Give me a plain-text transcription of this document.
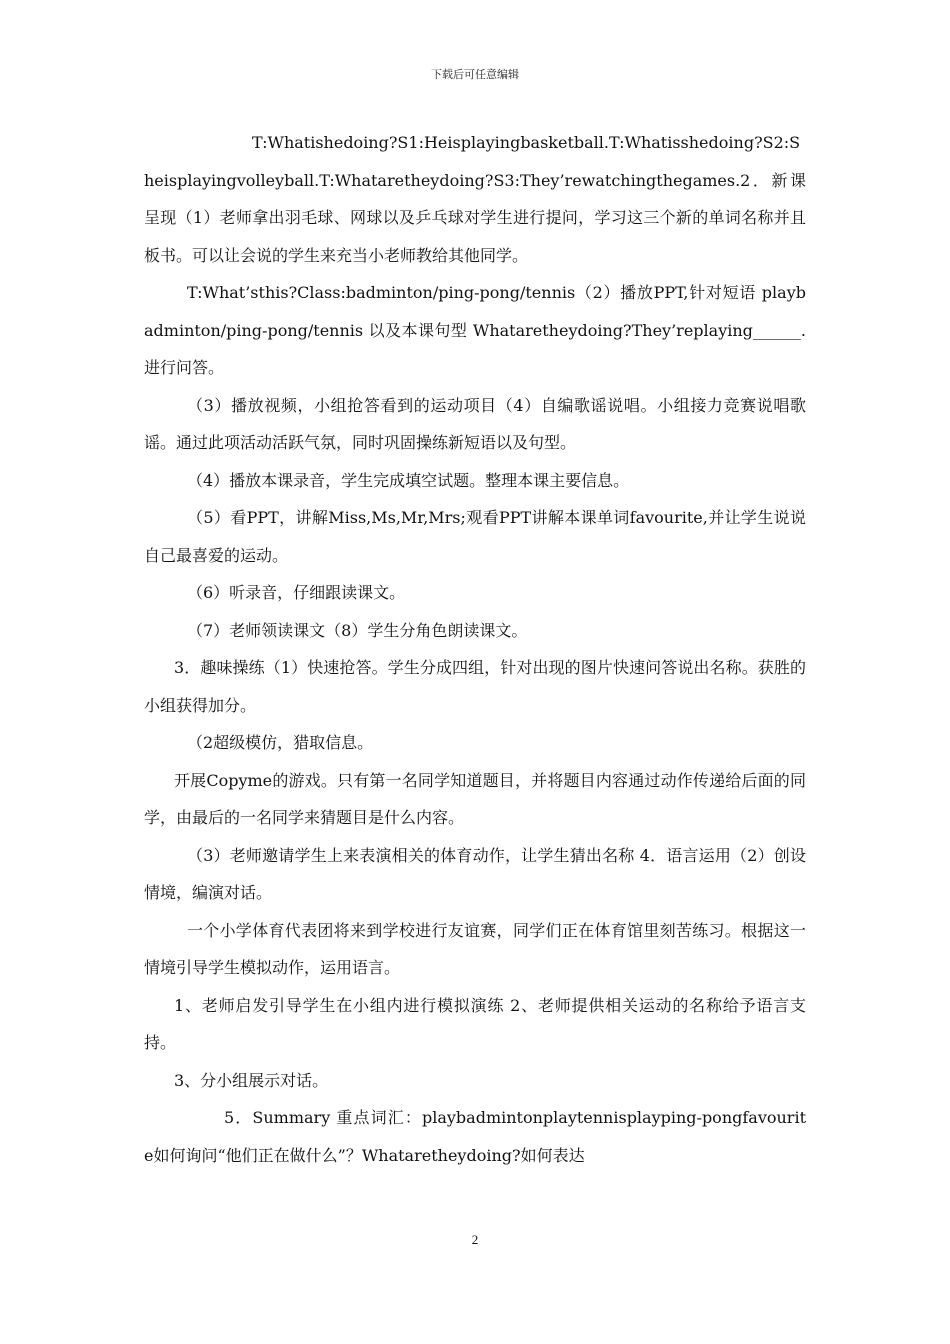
下载后可任意编辑

T:Whatishedoing?S1:Heisplayingbasketball.T:Whatisshedoing?S2:Sheisplayingvolleyball.T:Whataretheydoing?S3:They’rewatchingthegames.2．新课呈现（1）老师拿出羽毛球、网球以及乒乓球对学生进行提问，学习这三个新的单词名称并且板书。可以让会说的学生来充当小老师教给其他同学。

T:What’sthis?Class:badminton/ping-pong/tennis（2）播放PPT,针对短语 playbadminton/ping-pong/tennis 以及本课句型 Whataretheydoing?They’replaying______.进行问答。

（3）播放视频，小组抢答看到的运动项目（4）自编歌谣说唱。小组接力竞赛说唱歌谣。通过此项活动活跃气氛，同时巩固操练新短语以及句型。

（4）播放本课录音，学生完成填空试题。整理本课主要信息。

（5）看PPT，讲解Miss,Ms,Mr,Mrs;观看PPT讲解本课单词favourite,并让学生说说自己最喜爱的运动。

（6）听录音，仔细跟读课文。

（7）老师领读课文（8）学生分角色朗读课文。

3．趣味操练（1）快速抢答。学生分成四组，针对出现的图片快速问答说出名称。获胜的小组获得加分。

（2超级模仿，猎取信息。

开展Copyme的游戏。只有第一名同学知道题目，并将题目内容通过动作传递给后面的同学，由最后的一名同学来猜题目是什么内容。

（3）老师邀请学生上来表演相关的体育动作，让学生猜出名称 4．语言运用（2）创设情境，编演对话。

一个小学体育代表团将来到学校进行友谊赛，同学们正在体育馆里刻苦练习。根据这一情境引导学生模拟动作，运用语言。

1、老师启发引导学生在小组内进行模拟演练 2、老师提供相关运动的名称给予语言支持。

3、分小组展示对话。

5．Summary 重点词汇：playbadmintonplaytennisplayping-pongfavourite如何询问“他们正在做什么”？Whataretheydoing?如何表达

2
